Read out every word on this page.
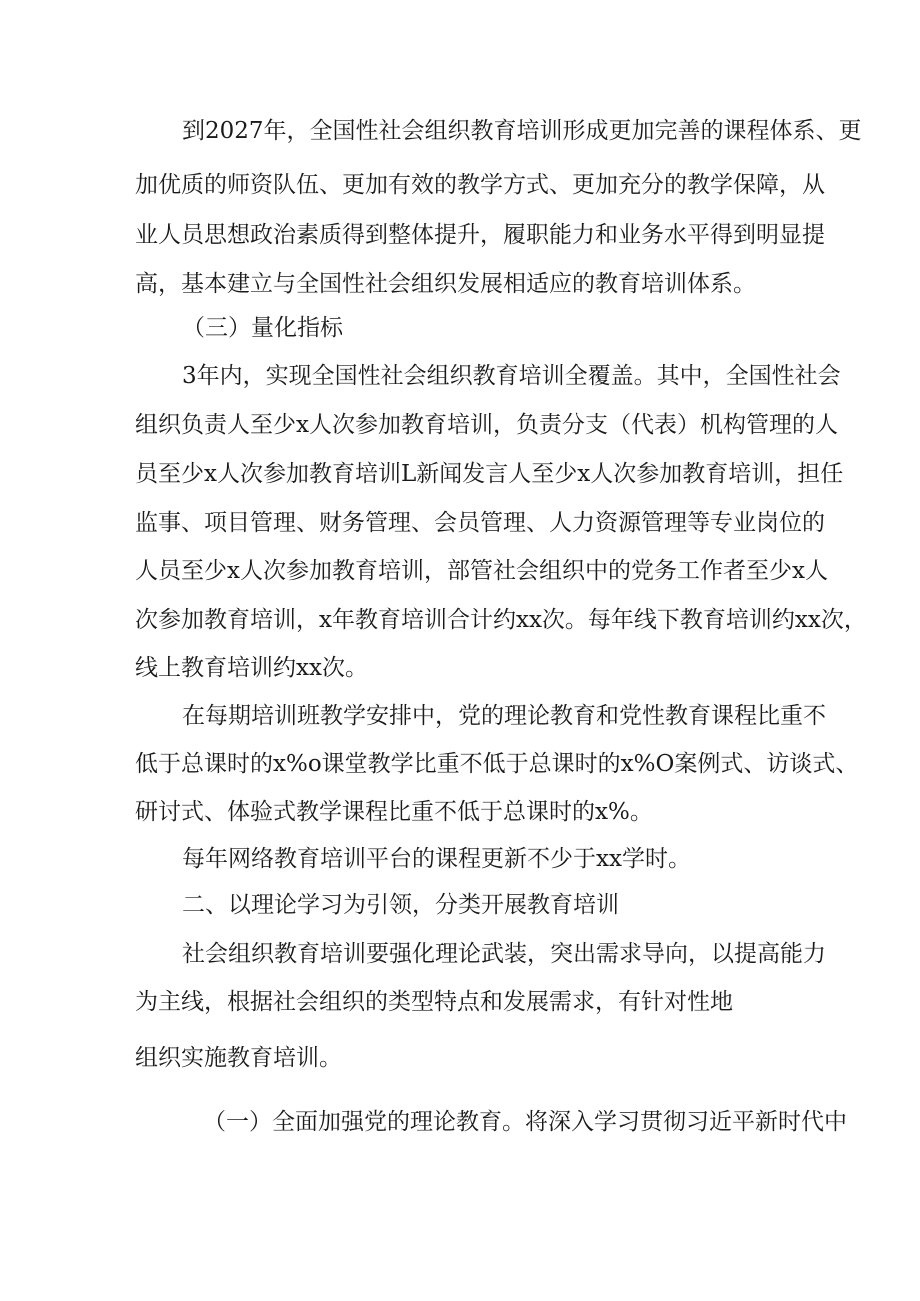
到2027年，全国性社会组织教育培训形成更加完善的课程体系、更
加优质的师资队伍、更加有效的教学方式、更加充分的教学保障，从
业人员思想政治素质得到整体提升，履职能力和业务水平得到明显提
高，基本建立与全国性社会组织发展相适应的教育培训体系。
（三）量化指标
3年内，实现全国性社会组织教育培训全覆盖。其中，全国性社会
组织负责人至少x人次参加教育培训，负责分支（代表）机构管理的人
员至少x人次参加教育培训L新闻发言人至少x人次参加教育培训，担任
监事、项目管理、财务管理、会员管理、人力资源管理等专业岗位的
人员至少x人次参加教育培训，部管社会组织中的党务工作者至少x人
次参加教育培训，x年教育培训合计约xx次。每年线下教育培训约xx次，
线上教育培训约xx次。
在每期培训班教学安排中，党的理论教育和党性教育课程比重不
低于总课时的x%o课堂教学比重不低于总课时的x%O案例式、访谈式、
研讨式、体验式教学课程比重不低于总课时的x%。
每年网络教育培训平台的课程更新不少于xx学时。
二、以理论学习为引领，分类开展教育培训
社会组织教育培训要强化理论武装，突出需求导向，以提高能力
为主线，根据社会组织的类型特点和发展需求，有针对性地
组织实施教育培训。
（一）全面加强党的理论教育。将深入学习贯彻习近平新时代中
